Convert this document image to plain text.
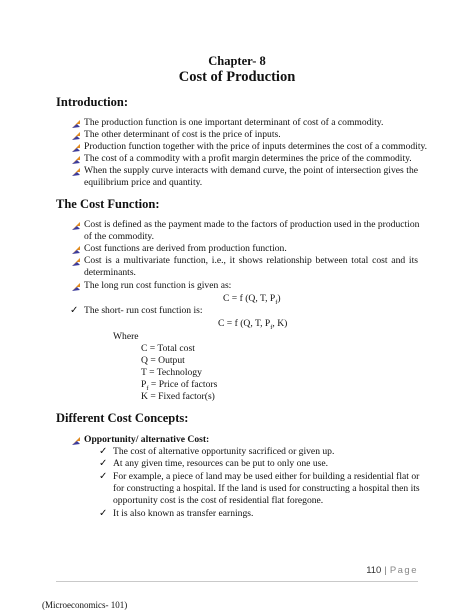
Chapter- 8
Cost of Production
Introduction:
The production function is one important determinant of cost of a commodity.
The other determinant of cost is the price of inputs.
Production function together with the price of inputs determines the cost of a commodity.
The cost of a commodity with a profit margin determines the price of the commodity.
When the supply curve interacts with demand curve, the point of intersection gives the
equilibrium price and quantity.
The Cost Function:
Cost is defined as the payment made to the factors of production used in the production
of the commodity.
Cost functions are derived from production function.
Cost is a multivariate function, i.e., it shows relationship between total cost and its
determinants.
The long run cost function is given as:
C = f (Q, T, $P_f$)
✓ The short- run cost function is:
C = f (Q, T, $P_f$, K)
Where
C = Total cost
Q = Output
T = Technology
$P_f$ = Price of factors
K = Fixed factor(s)
Different Cost Concepts:
Opportunity/ alternative Cost:
✓ The cost of alternative opportunity sacrificed or given up.
✓ At any given time, resources can be put to only one use.
✓ For example, a piece of land may be used either for building a residential flat or
for constructing a hospital. If the land is used for constructing a hospital then its
opportunity cost is the cost of residential flat foregone.
✓ It is also known as transfer earnings.
110 | Page
(Microeconomics- 101)
